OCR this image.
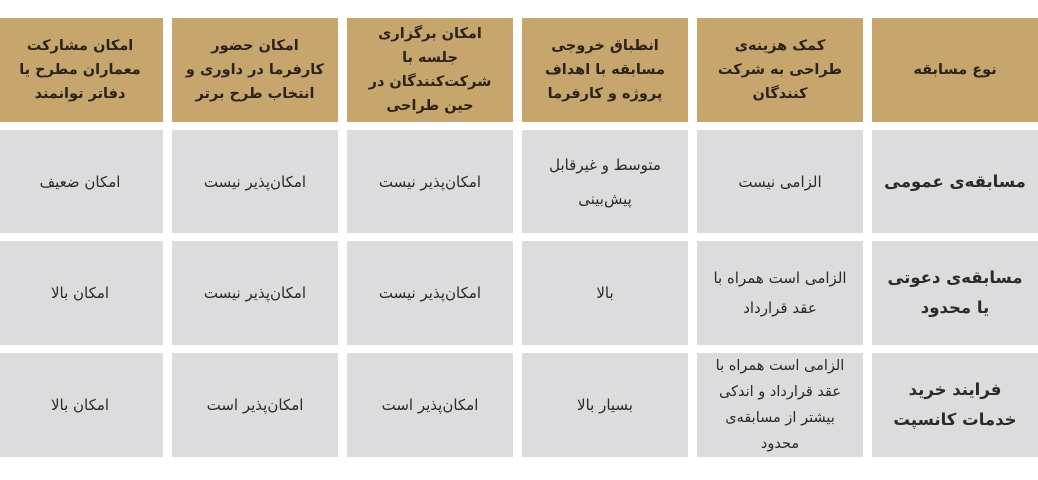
نوع مسابقه
کمک هزینه‌ی طراحی به شرکت کنندگان
انطباق خروجی مسابقه با اهداف پروژه و کارفرما
امکان برگزاری جلسه با شرکت‌کنندگان در حین طراحی
امکان حضور کارفرما در داوری و انتخاب طرح برتر
امکان مشارکت معماران مطرح یا دفاتر توانمند
مسابقه‌ی عمومی
الزامی نیست
متوسط و غیرقابل پیش‌بینی
امکان‌پذیر نیست
امکان‌پذیر نیست
امکان ضعیف
مسابقه‌ی دعوتی یا محدود
الزامی است همراه با عقد قرارداد
بالا
امکان‌پذیر نیست
امکان‌پذیر نیست
امکان بالا
فرایند خرید خدمات کانسپت
الزامی است همراه با عقد قرارداد و اندکی بیشتر از مسابقه‌ی محدود
بسیار بالا
امکان‌پذیر است
امکان‌پذیر است
امکان بالا
